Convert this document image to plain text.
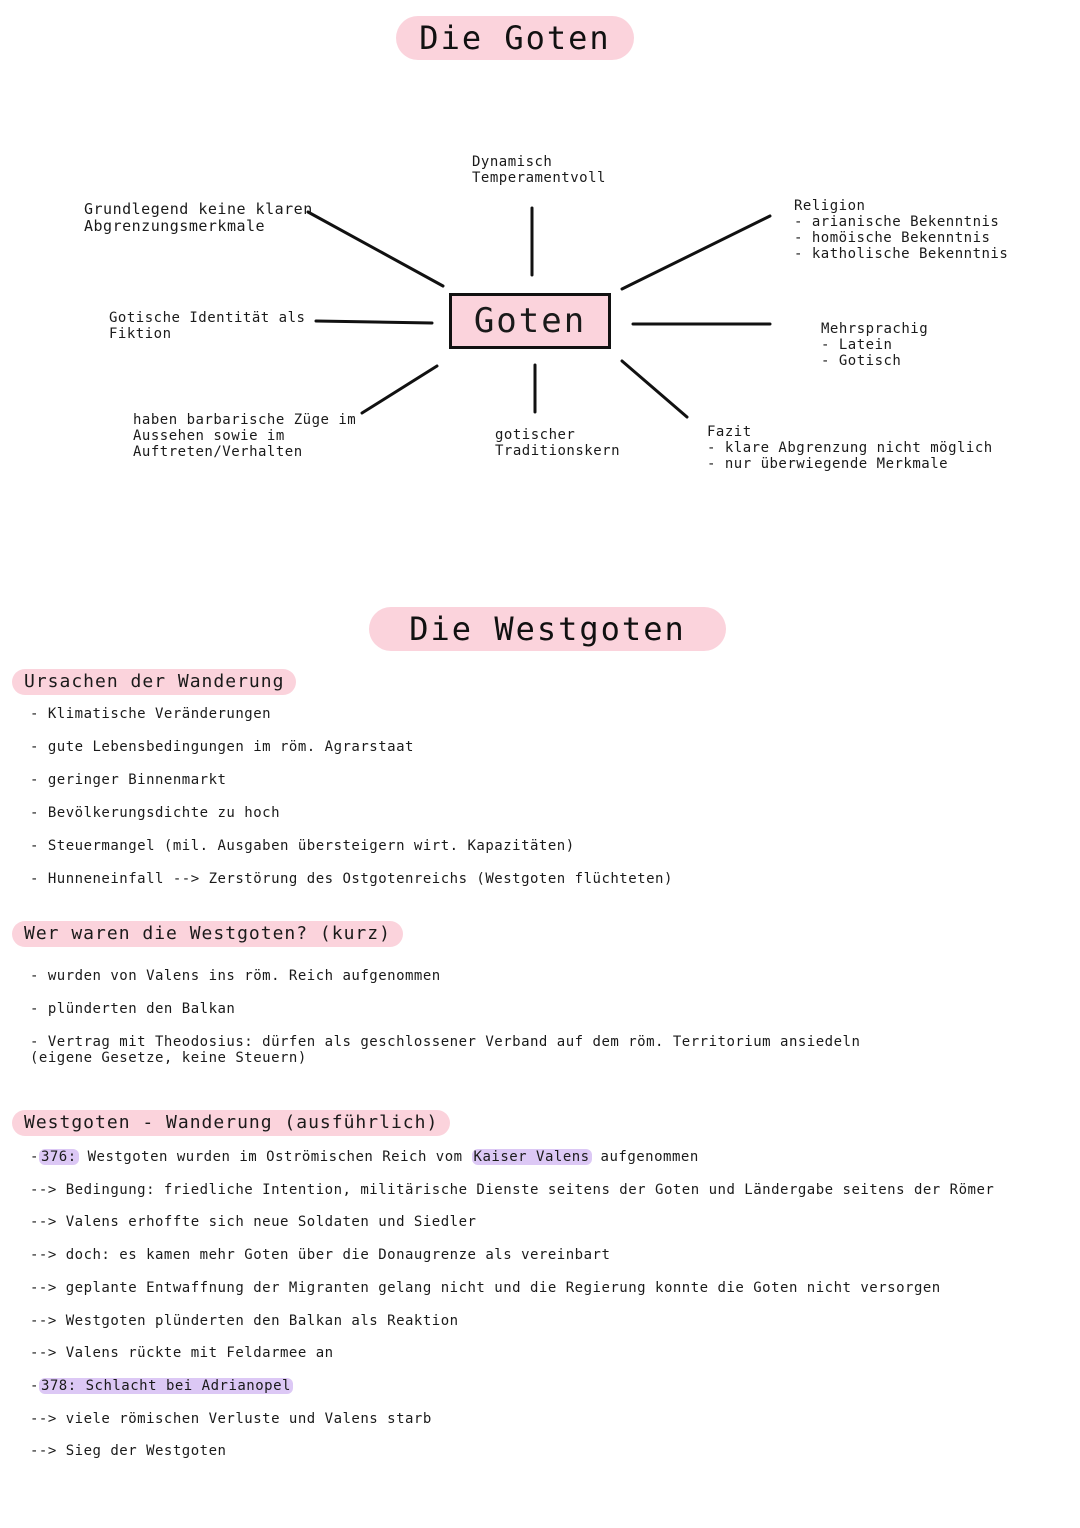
Die Goten
Goten
Dynamisch
Temperamentvoll
Grundlegend keine klaren
Abgrenzungsmerkmale
Gotische Identität als
Fiktion
haben barbarische Züge im
Aussehen sowie im
Auftreten/Verhalten
gotischer
Traditionskern
Religion
- arianische Bekenntnis
- homöische Bekenntnis
- katholische Bekenntnis
Mehrsprachig
- Latein
- Gotisch
Fazit
- klare Abgrenzung nicht möglich
- nur überwiegende Merkmale
Die Westgoten
Ursachen der Wanderung
- Klimatische Veränderungen
- gute Lebensbedingungen im röm. Agrarstaat
- geringer Binnenmarkt
- Bevölkerungsdichte zu hoch
- Steuermangel (mil. Ausgaben übersteigern wirt. Kapazitäten)
- Hunneneinfall --> Zerstörung des Ostgotenreichs (Westgoten flüchteten)
Wer waren die Westgoten? (kurz)
- wurden von Valens ins röm. Reich aufgenommen
- plünderten den Balkan
- Vertrag mit Theodosius: dürfen als geschlossener Verband auf dem röm. Territorium ansiedeln
(eigene Gesetze, keine Steuern)
Westgoten - Wanderung (ausführlich)
- 376: Westgoten wurden im Oströmischen Reich vom Kaiser Valens aufgenommen
--> Bedingung: friedliche Intention, militärische Dienste seitens der Goten und Ländergabe seitens der Römer
--> Valens erhoffte sich neue Soldaten und Siedler
--> doch: es kamen mehr Goten über die Donaugrenze als vereinbart
--> geplante Entwaffnung der Migranten gelang nicht und die Regierung konnte die Goten nicht versorgen
--> Westgoten plünderten den Balkan als Reaktion
--> Valens rückte mit Feldarmee an
- 378: Schlacht bei Adrianopel
--> viele römischen Verluste und Valens starb
--> Sieg der Westgoten
